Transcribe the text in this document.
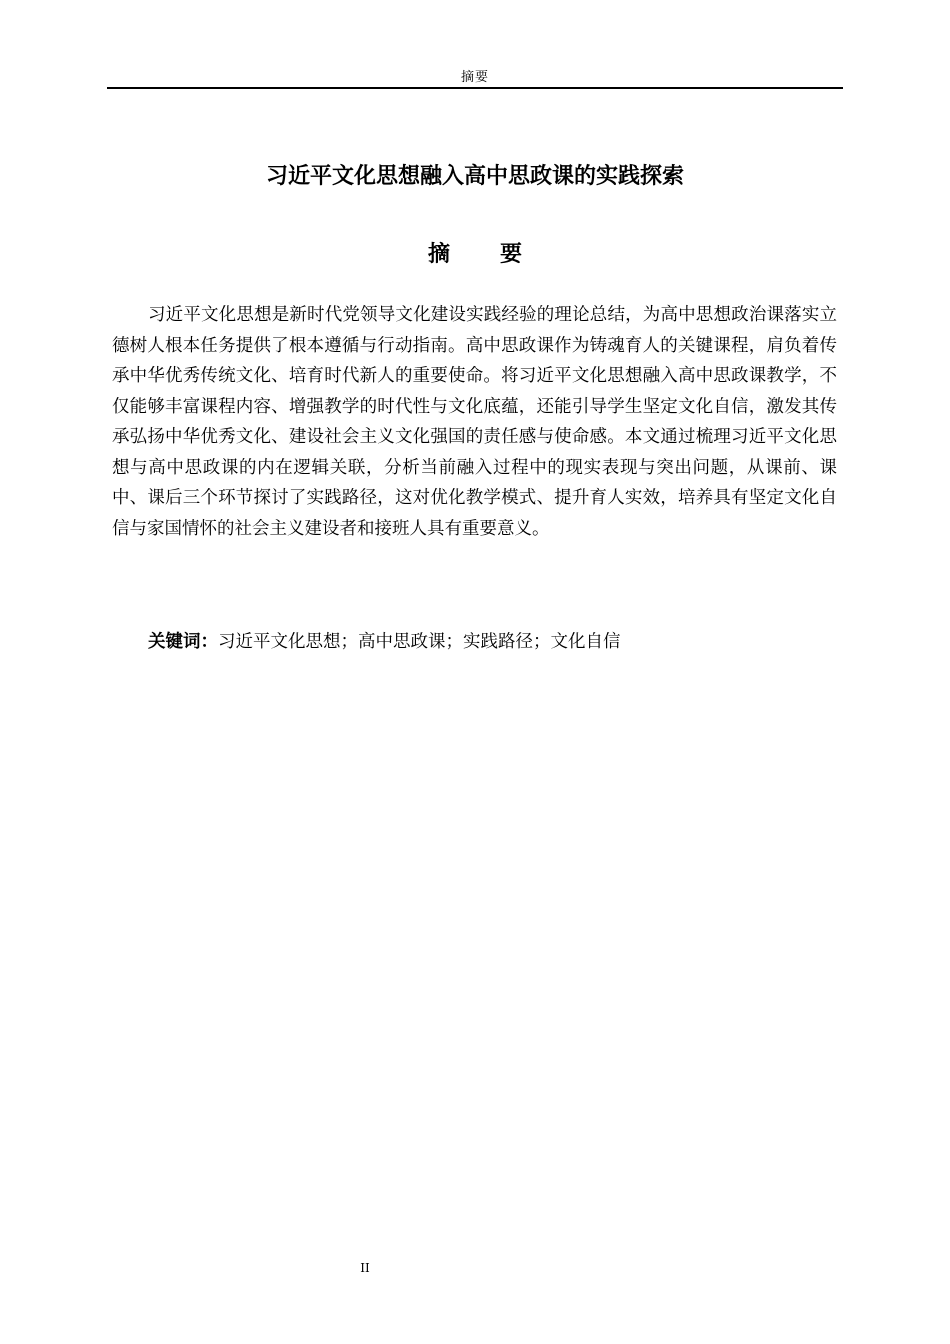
摘要
习近平文化思想融入高中思政课的实践探索
摘 要

习近平文化思想是新时代党领导文化建设实践经验的理论总结，为高中思想政治课落实立德树人根本任务提供了根本遵循与行动指南。高中思政课作为铸魂育人的关键课程，肩负着传承中华优秀传统文化、培育时代新人的重要使命。将习近平文化思想融入高中思政课教学，不仅能够丰富课程内容、增强教学的时代性与文化底蕴，还能引导学生坚定文化自信，激发其传承弘扬中华优秀文化、建设社会主义文化强国的责任感与使命感。本文通过梳理习近平文化思想与高中思政课的内在逻辑关联，分析当前融入过程中的现实表现与突出问题，从课前、课中、课后三个环节探讨了实践路径，这对优化教学模式、提升育人实效，培养具有坚定文化自信与家国情怀的社会主义建设者和接班人具有重要意义。

关键词：习近平文化思想；高中思政课；实践路径；文化自信

II
